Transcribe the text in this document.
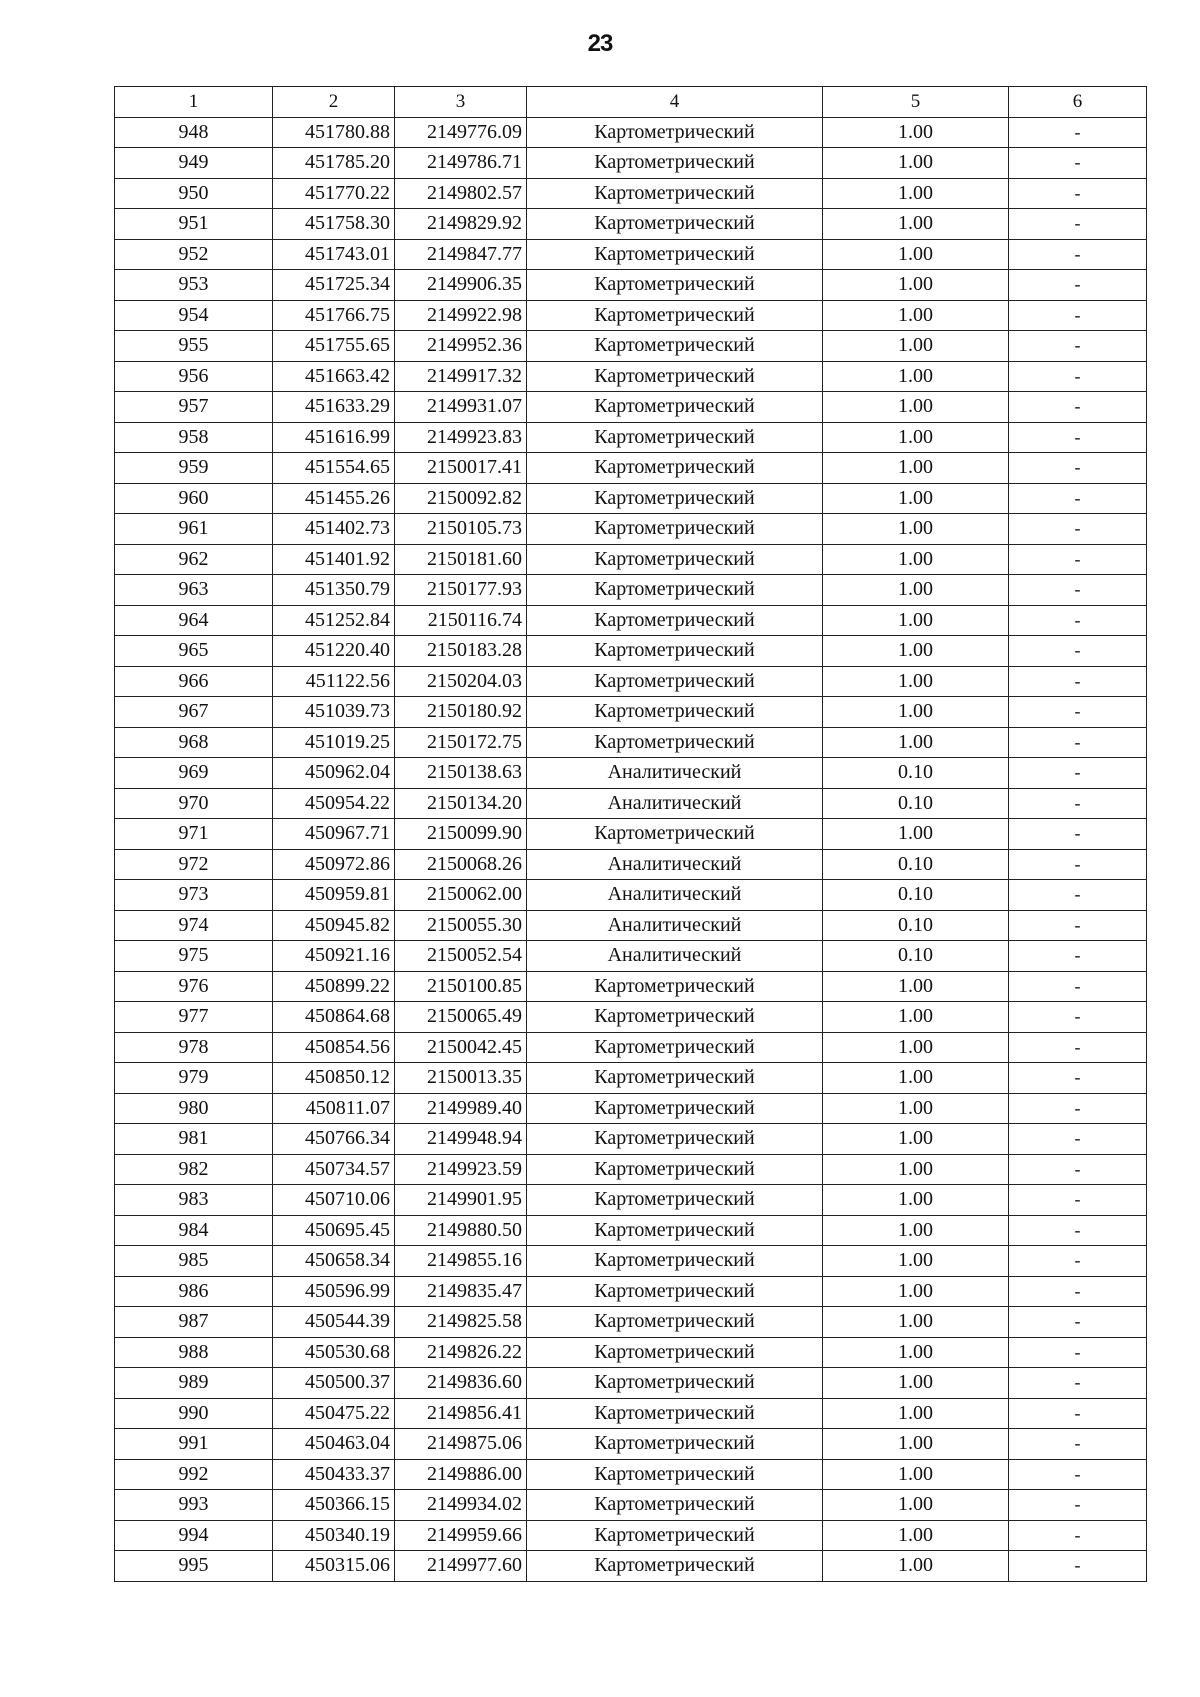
23
1	2	3	4	5	6
948	451780.88	2149776.09	Картометрический	1.00	-
949	451785.20	2149786.71	Картометрический	1.00	-
950	451770.22	2149802.57	Картометрический	1.00	-
951	451758.30	2149829.92	Картометрический	1.00	-
952	451743.01	2149847.77	Картометрический	1.00	-
953	451725.34	2149906.35	Картометрический	1.00	-
954	451766.75	2149922.98	Картометрический	1.00	-
955	451755.65	2149952.36	Картометрический	1.00	-
956	451663.42	2149917.32	Картометрический	1.00	-
957	451633.29	2149931.07	Картометрический	1.00	-
958	451616.99	2149923.83	Картометрический	1.00	-
959	451554.65	2150017.41	Картометрический	1.00	-
960	451455.26	2150092.82	Картометрический	1.00	-
961	451402.73	2150105.73	Картометрический	1.00	-
962	451401.92	2150181.60	Картометрический	1.00	-
963	451350.79	2150177.93	Картометрический	1.00	-
964	451252.84	2150116.74	Картометрический	1.00	-
965	451220.40	2150183.28	Картометрический	1.00	-
966	451122.56	2150204.03	Картометрический	1.00	-
967	451039.73	2150180.92	Картометрический	1.00	-
968	451019.25	2150172.75	Картометрический	1.00	-
969	450962.04	2150138.63	Аналитический	0.10	-
970	450954.22	2150134.20	Аналитический	0.10	-
971	450967.71	2150099.90	Картометрический	1.00	-
972	450972.86	2150068.26	Аналитический	0.10	-
973	450959.81	2150062.00	Аналитический	0.10	-
974	450945.82	2150055.30	Аналитический	0.10	-
975	450921.16	2150052.54	Аналитический	0.10	-
976	450899.22	2150100.85	Картометрический	1.00	-
977	450864.68	2150065.49	Картометрический	1.00	-
978	450854.56	2150042.45	Картометрический	1.00	-
979	450850.12	2150013.35	Картометрический	1.00	-
980	450811.07	2149989.40	Картометрический	1.00	-
981	450766.34	2149948.94	Картометрический	1.00	-
982	450734.57	2149923.59	Картометрический	1.00	-
983	450710.06	2149901.95	Картометрический	1.00	-
984	450695.45	2149880.50	Картометрический	1.00	-
985	450658.34	2149855.16	Картометрический	1.00	-
986	450596.99	2149835.47	Картометрический	1.00	-
987	450544.39	2149825.58	Картометрический	1.00	-
988	450530.68	2149826.22	Картометрический	1.00	-
989	450500.37	2149836.60	Картометрический	1.00	-
990	450475.22	2149856.41	Картометрический	1.00	-
991	450463.04	2149875.06	Картометрический	1.00	-
992	450433.37	2149886.00	Картометрический	1.00	-
993	450366.15	2149934.02	Картометрический	1.00	-
994	450340.19	2149959.66	Картометрический	1.00	-
995	450315.06	2149977.60	Картометрический	1.00	-
